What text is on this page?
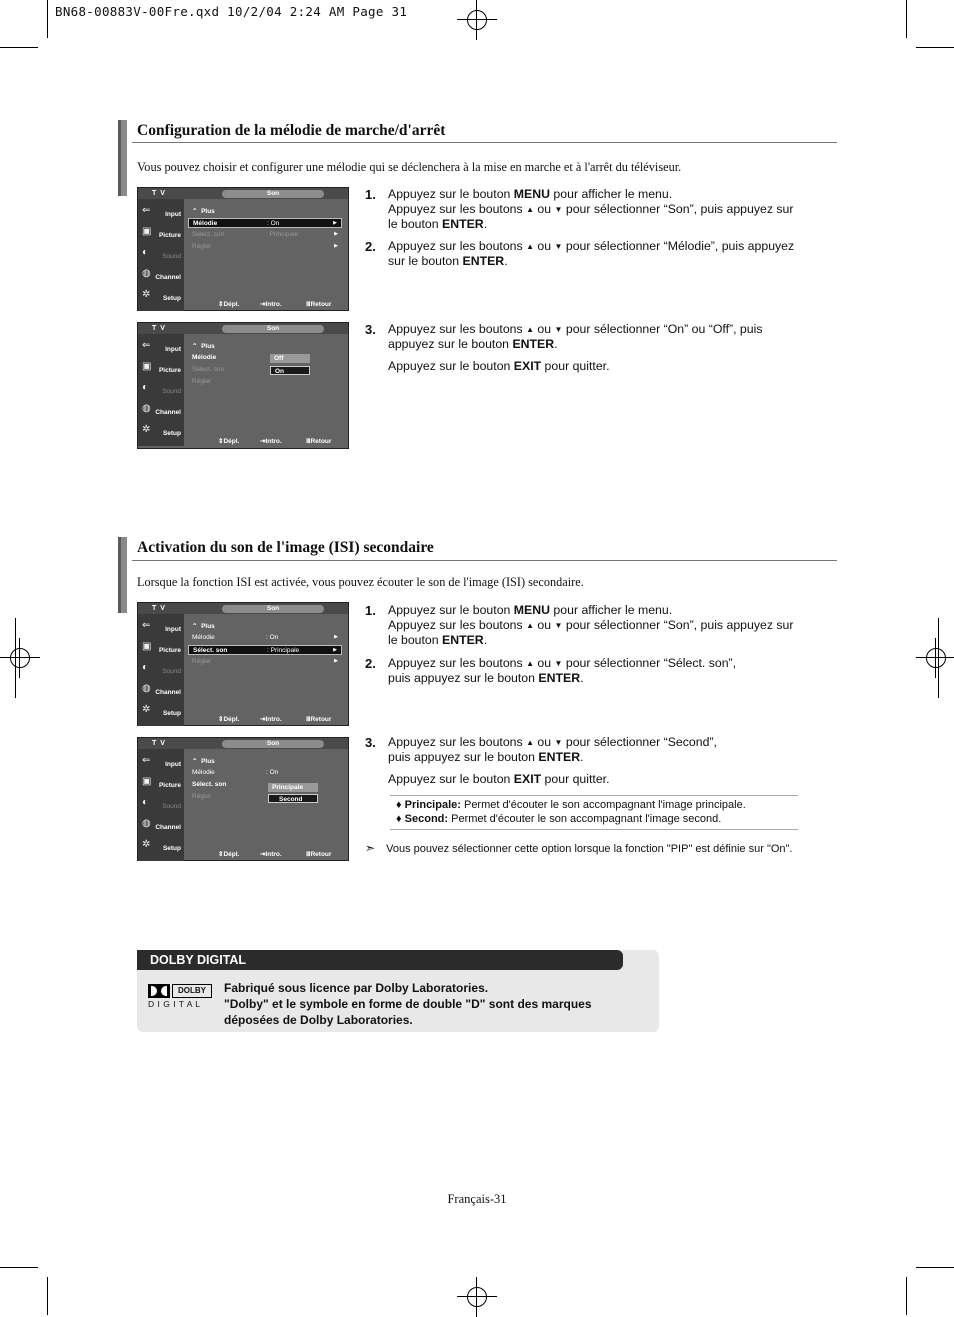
BN68-00883V-00Fre.qxd 10/2/04 2:24 AM Page 31
Configuration de la mélodie de marche/d'arrêt
Vous pouvez choisir et configurer une mélodie qui se déclenchera à la mise en marche et à l'arrêt du téléviseur.
T V	Son
⇐	Input
▣	Picture
◐	Sound
◍ Channel
✲	Setup
⌃  Plus
Mélodie	: On	▶
Sélect. son	: Principale	▶
Régler	▶
⇕ Dépl.	⇥ Intro.	Ⅲ Retour
T V	Son
⇐	Input
▣	Picture
◐	Sound
◍ Channel
✲	Setup
⌃  Plus
Mélodie
Sélect. son
Régler
Off
On
⇕ Dépl.	⇥ Intro.	Ⅲ Retour
1. Appuyez sur le bouton MENU pour afficher le menu.
Appuyez sur les boutons ▲ ou ▼ pour sélectionner “Son”, puis appuyez sur
le bouton ENTER.
2. Appuyez sur les boutons ▲ ou ▼ pour sélectionner “Mélodie”, puis appuyez
sur le bouton ENTER.
3. Appuyez sur les boutons ▲ ou ▼ pour sélectionner “On” ou “Off”, puis
appuyez sur le bouton ENTER.
Appuyez sur le bouton EXIT pour quitter.
Activation du son de l'image (ISI) secondaire
Lorsque la fonction ISI est activée, vous pouvez écouter le son de l'image (ISI) secondaire.
T V	Son
⇐	Input
▣	Picture
◐	Sound
◍ Channel
✲	Setup
⌃  Plus
Mélodie	: On	▶
Sélect. son	: Principale	▶
Régler	▶
⇕ Dépl.	⇥ Intro.	Ⅲ Retour
T V	Son
⇐	Input
▣	Picture
◐	Sound
◍ Channel
✲	Setup
⌃  Plus
Mélodie	: On
Sélect. son
Régler
Principale
Second
⇕ Dépl.	⇥ Intro.	Ⅲ Retour
1. Appuyez sur le bouton MENU pour afficher le menu.
Appuyez sur les boutons ▲ ou ▼ pour sélectionner “Son”, puis appuyez sur
le bouton ENTER.
2. Appuyez sur les boutons ▲ ou ▼ pour sélectionner “Sélect. son”,
puis appuyez sur le bouton ENTER.
3. Appuyez sur les boutons ▲ ou ▼ pour sélectionner “Second”,
puis appuyez sur le bouton ENTER.
Appuyez sur le bouton EXIT pour quitter.
♦ Principale: Permet d'écouter le son accompagnant l'image principale.
♦ Second: Permet d'écouter le son accompagnant l'image second.
➣ Vous pouvez sélectionner cette option lorsque la fonction "PIP" est définie sur "On".
DOLBY DIGITAL
DOLBY
D I G I T A L
Fabriqué sous licence par Dolby Laboratories.
"Dolby" et le symbole en forme de double "D" sont des marques
déposées de Dolby Laboratories.
Français-31
